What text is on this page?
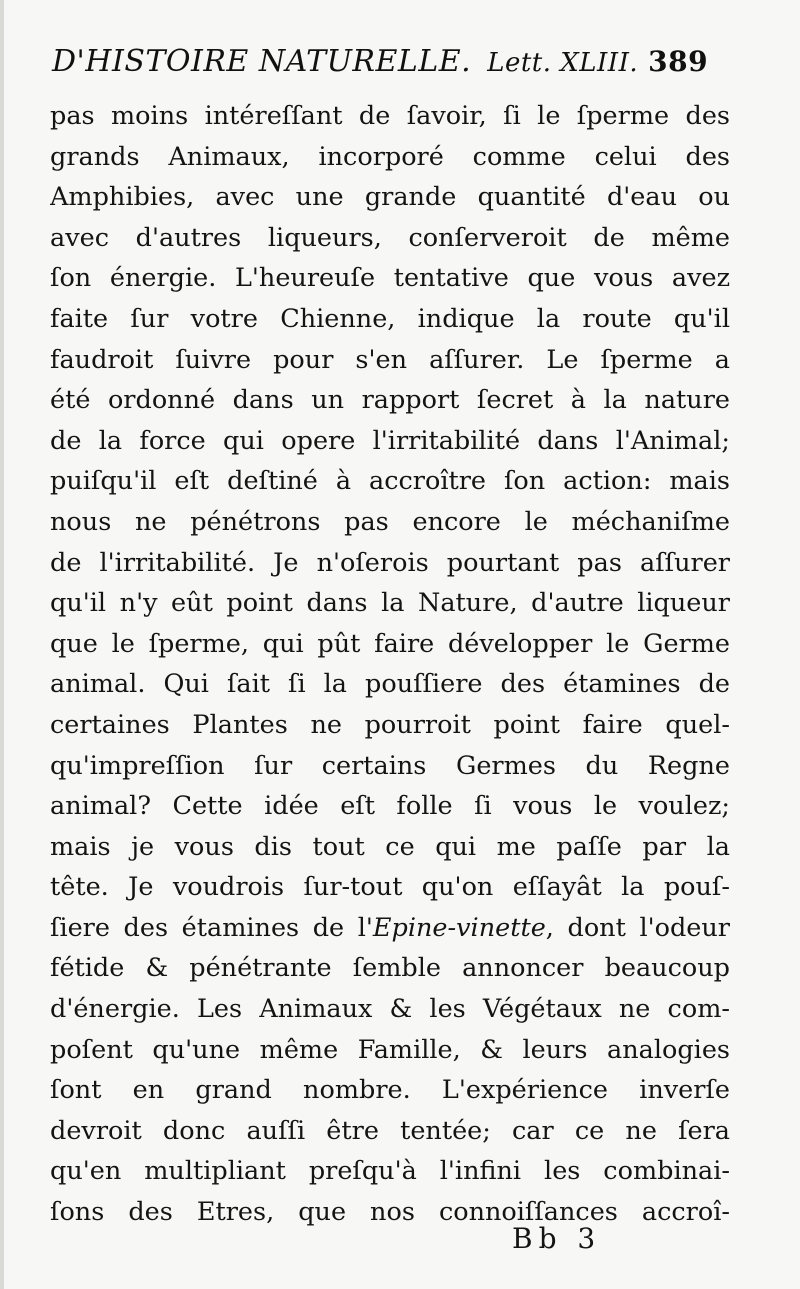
D'HISTOIRE NATURELLE. Lett. XLIII. 389
pas moins intéreſſant de ſavoir, ſi le ſperme des
grands Animaux, incorporé comme celui des
Amphibies, avec une grande quantité d'eau ou
avec d'autres liqueurs, conſerveroit de même
ſon énergie. L'heureuſe tentative que vous avez
faite ſur votre Chienne, indique la route qu'il
faudroit ſuivre pour s'en aſſurer. Le ſperme a
été ordonné dans un rapport ſecret à la nature
de la force qui opere l'irritabilité dans l'Animal;
puiſqu'il eſt deſtiné à accroître ſon action: mais
nous ne pénétrons pas encore le méchaniſme
de l'irritabilité. Je n'oſerois pourtant pas aſſurer
qu'il n'y eût point dans la Nature, d'autre liqueur
que le ſperme, qui pût faire développer le Germe
animal. Qui ſait ſi la pouſſiere des étamines de
certaines Plantes ne pourroit point faire quel-
qu'impreſſion ſur certains Germes du Regne
animal? Cette idée eſt folle ſi vous le voulez;
mais je vous dis tout ce qui me paſſe par la
tête. Je voudrois ſur-tout qu'on eſſayât la pouſ-
ſiere des étamines de l'Epine-vinette, dont l'odeur
fétide & pénétrante ſemble annoncer beaucoup
d'énergie. Les Animaux & les Végétaux ne com-
poſent qu'une même Famille, & leurs analogies
ſont en grand nombre. L'expérience inverſe
devroit donc auſſi être tentée; car ce ne ſera
qu'en multipliant preſqu'à l'infini les combinai-
ſons des Etres, que nos connoiſſances accroî-
Bb 3
